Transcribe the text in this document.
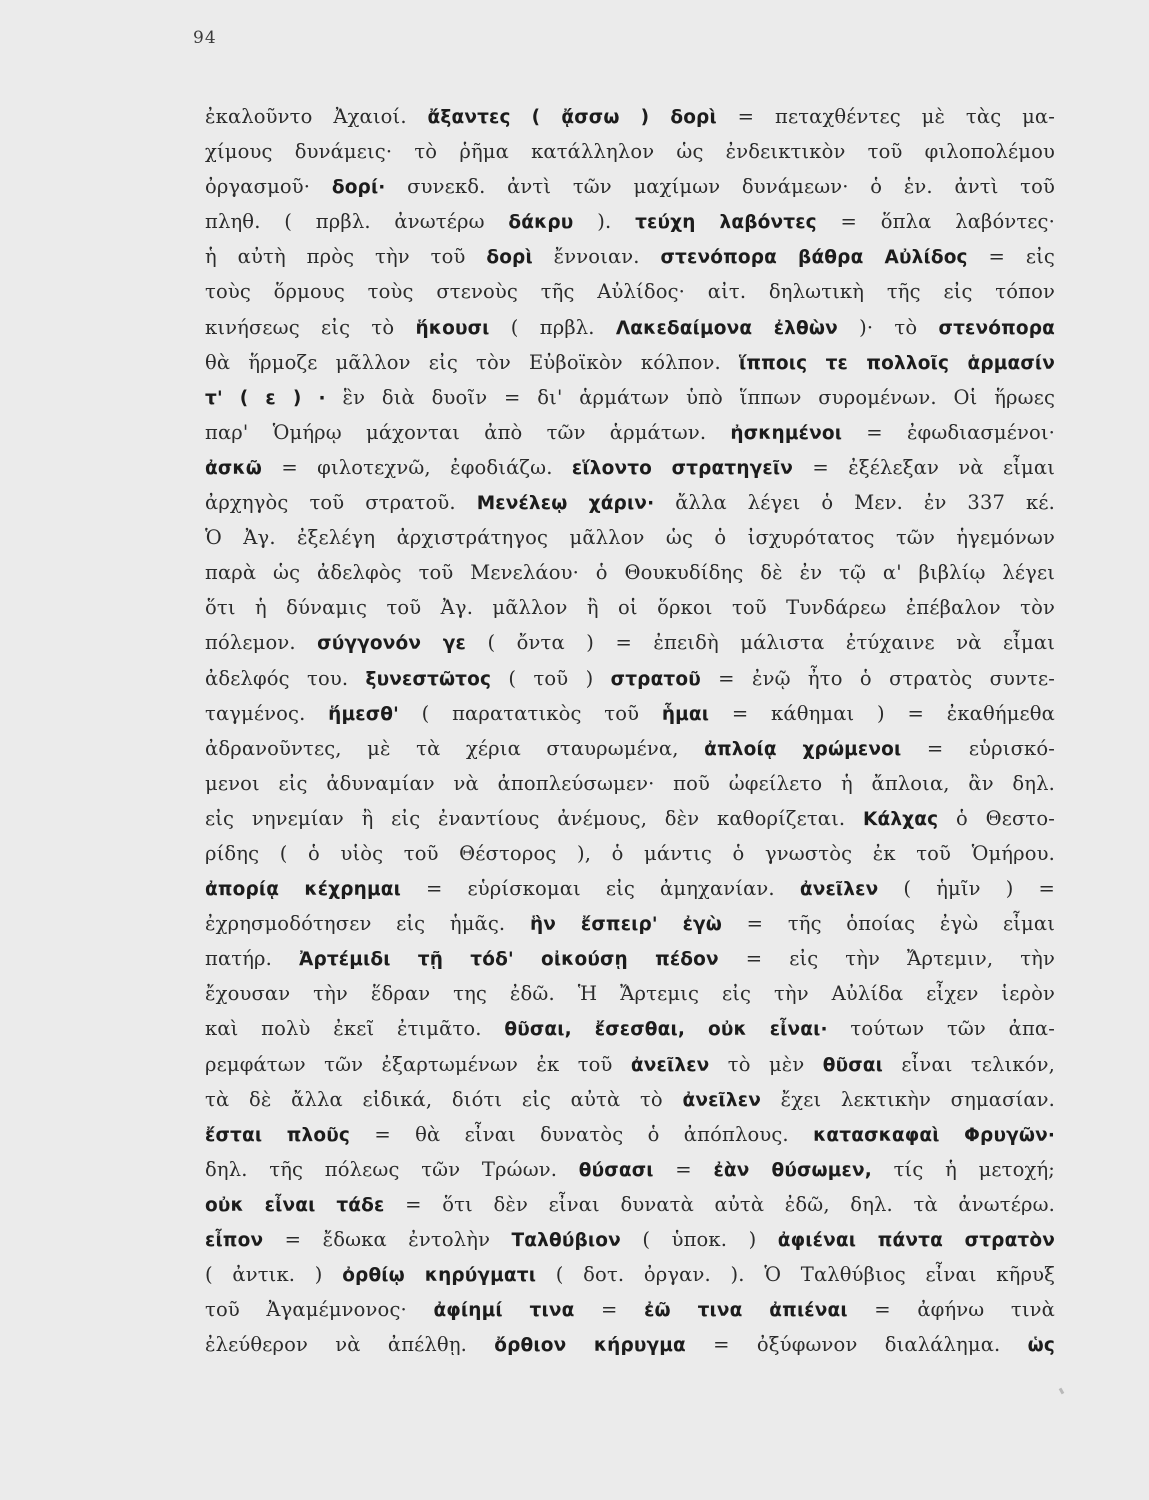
94
ἐκαλοῦντο Ἀχαιοί. ἄξαντες ( ᾄσσω ) δορὶ = πεταχθέντες μὲ τὰς μα-
χίμους δυνάμεις· τὸ ῥῆμα κατάλληλον ὡς ἐνδεικτικὸν τοῦ φιλοπολέμου
ὀργασμοῦ· δορί· συνεκδ. ἀντὶ τῶν μαχίμων δυνάμεων· ὁ ἑν. ἀντὶ τοῦ
πληθ. ( πρβλ. ἀνωτέρω δάκρυ ). τεύχη λαβόντες = ὅπλα λαβόντες·
ἡ αὐτὴ πρὸς τὴν τοῦ δορὶ ἔννοιαν. στενόπορα βάθρα Αὐλίδος = εἰς
τοὺς ὅρμους τοὺς στενοὺς τῆς Αὐλίδος· αἰτ. δηλωτικὴ τῆς εἰς τόπον
κινήσεως εἰς τὸ ἥκουσι ( πρβλ. Λακεδαίμονα ἐλθὼν )· τὸ στενόπορα
θὰ ἥρμοζε μᾶλλον εἰς τὸν Εὐβοϊκὸν κόλπον. ἵπποις τε πολλοῖς ἁρμασίν
τ' ( ε ) · ἓν διὰ δυοῖν = δι' ἁρμάτων ὑπὸ ἵππων συρομένων. Οἱ ἥρωες
παρ' Ὁμήρῳ μάχονται ἀπὸ τῶν ἁρμάτων. ἠσκημένοι = ἐφωδιασμένοι·
ἀσκῶ = φιλοτεχνῶ, ἐφοδιάζω. εἵλοντο στρατηγεῖν = ἐξέλεξαν νὰ εἶμαι
ἀρχηγὸς τοῦ στρατοῦ. Μενέλεῳ χάριν· ἄλλα λέγει ὁ Μεν. ἐν 337 κέ.
Ὁ Ἀγ. ἐξελέγη ἀρχιστράτηγος μᾶλλον ὡς ὁ ἰσχυρότατος τῶν ἡγεμόνων
παρὰ ὡς ἀδελφὸς τοῦ Μενελάου· ὁ Θουκυδίδης δὲ ἐν τῷ α' βιβλίῳ λέγει
ὅτι ἡ δύναμις τοῦ Ἀγ. μᾶλλον ἢ οἱ ὅρκοι τοῦ Τυνδάρεω ἐπέβαλον τὸν
πόλεμον. σύγγονόν γε ( ὄντα ) = ἐπειδὴ μάλιστα ἐτύχαινε νὰ εἶμαι
ἀδελφός του. ξυνεστῶτος ( τοῦ ) στρατοῦ = ἐνῷ ἦτο ὁ στρατὸς συντε-
ταγμένος. ἥμεσθ' ( παρατατικὸς τοῦ ἧμαι = κάθημαι ) = ἐκαθήμεθα
ἀδρανοῦντες, μὲ τὰ χέρια σταυρωμένα, ἀπλοίᾳ χρώμενοι = εὑρισκό-
μενοι εἰς ἀδυναμίαν νὰ ἀποπλεύσωμεν· ποῦ ὠφείλετο ἡ ἄπλοια, ἂν δηλ.
εἰς νηνεμίαν ἢ εἰς ἐναντίους ἀνέμους, δὲν καθορίζεται. Κάλχας ὁ Θεστο-
ρίδης ( ὁ υἱὸς τοῦ Θέστορος ), ὁ μάντις ὁ γνωστὸς ἐκ τοῦ Ὁμήρου.
ἀπορίᾳ κέχρημαι = εὑρίσκομαι εἰς ἀμηχανίαν. ἀνεῖλεν ( ἡμῖν ) =
ἐχρησμοδότησεν εἰς ἡμᾶς. ἣν ἔσπειρ' ἐγὼ = τῆς ὁποίας ἐγὼ εἶμαι
πατήρ. Ἀρτέμιδι τῇ τόδ' οἰκούσῃ πέδον = εἰς τὴν Ἄρτεμιν, τὴν
ἔχουσαν τὴν ἕδραν της ἐδῶ. Ἡ Ἄρτεμις εἰς τὴν Αὐλίδα εἶχεν ἱερὸν
καὶ πολὺ ἐκεῖ ἐτιμᾶτο. θῦσαι, ἔσεσθαι, οὐκ εἶναι· τούτων τῶν ἀπα-
ρεμφάτων τῶν ἐξαρτωμένων ἐκ τοῦ ἀνεῖλεν τὸ μὲν θῦσαι εἶναι τελικόν,
τὰ δὲ ἄλλα εἰδικά, διότι εἰς αὐτὰ τὸ ἀνεῖλεν ἔχει λεκτικὴν σημασίαν.
ἔσται πλοῦς = θὰ εἶναι δυνατὸς ὁ ἀπόπλους. κατασκαφαὶ Φρυγῶν·
δηλ. τῆς πόλεως τῶν Τρώων. θύσασι = ἐὰν θύσωμεν, τίς ἡ μετοχή;
οὐκ εἶναι τάδε = ὅτι δὲν εἶναι δυνατὰ αὐτὰ ἐδῶ, δηλ. τὰ ἀνωτέρω.
εἶπον = ἔδωκα ἐντολὴν Ταλθύβιον ( ὑποκ. ) ἀφιέναι πάντα στρατὸν
( ἀντικ. ) ὀρθίῳ κηρύγματι ( δοτ. ὀργαν. ). Ὁ Ταλθύβιος εἶναι κῆρυξ
τοῦ Ἀγαμέμνονος· ἀφίημί τινα = ἐῶ τινα ἀπιέναι = ἀφήνω τινὰ
ἐλεύθερον νὰ ἀπέλθῃ. ὄρθιον κήρυγμα = ὀξύφωνον διαλάλημα. ὡς
